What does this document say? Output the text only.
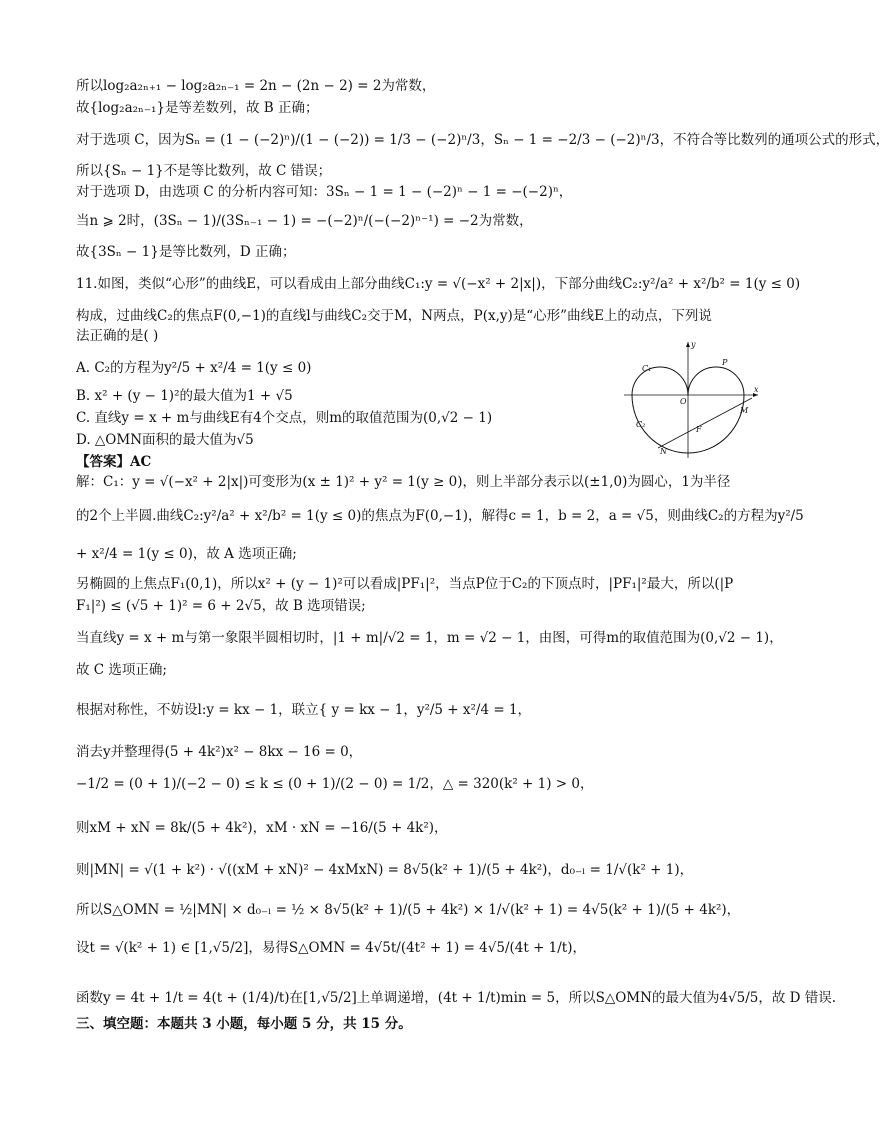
所以log₂a₂ₙ₊₁ − log₂a₂ₙ₋₁ = 2n − (2n − 2) = 2为常数，
故{log₂a₂ₙ₋₁}是等差数列，故 B 正确；
对于选项 C，因为Sₙ = (1 − (−2)ⁿ)/(1 − (−2)) = 1/3 − (−2)ⁿ/3，Sₙ − 1 = −2/3 − (−2)ⁿ/3，不符合等比数列的通项公式的形式，
所以{Sₙ − 1}不是等比数列，故 C 错误；
对于选项 D，由选项 C 的分析内容可知：3Sₙ − 1 = 1 − (−2)ⁿ − 1 = −(−2)ⁿ，
当n ⩾ 2时，(3Sₙ − 1)/(3Sₙ₋₁ − 1) = −(−2)ⁿ/(−(−2)ⁿ⁻¹) = −2为常数，
故{3Sₙ − 1}是等比数列，D 正确；
11.如图，类似“心形”的曲线E，可以看成由上部分曲线C₁:y = √(−x² + 2|x|)，下部分曲线C₂:y²/a² + x²/b² = 1(y ≤ 0)
构成，过曲线C₂的焦点F(0,−1)的直线l与曲线C₂交于M，N两点，P(x,y)是“心形”曲线E上的动点，下列说
法正确的是( )
A. C₂的方程为y²/5 + x²/4 = 1(y ≤ 0)
B. x² + (y − 1)²的最大值为1 + √5
C. 直线y = x + m与曲线E有4个交点，则m的取值范围为(0,√2 − 1)
D. △OMN面积的最大值为√5
【答案】AC
解：C₁：y = √(−x² + 2|x|)可变形为(x ± 1)² + y² = 1(y ≥ 0)，则上半部分表示以(±1,0)为圆心，1为半径
的2个上半圆.曲线C₂:y²/a² + x²/b² = 1(y ≤ 0)的焦点为F(0,−1)，解得c = 1，b = 2，a = √5，则曲线C₂的方程为y²/5
+ x²/4 = 1(y ≤ 0)，故 A 选项正确;
另椭圆的上焦点F₁(0,1)，所以x² + (y − 1)²可以看成|PF₁|²，当点P位于C₂的下顶点时，|PF₁|²最大，所以(|P
F₁|²) ≤ (√5 + 1)² = 6 + 2√5，故 B 选项错误;
当直线y = x + m与第一象限半圆相切时，|1 + m|/√2 = 1，m = √2 − 1，由图，可得m的取值范围为(0,√2 − 1)，
故 C 选项正确;
根据对称性，不妨设l:y = kx − 1，联立{ y = kx − 1，y²/5 + x²/4 = 1，
消去y并整理得(5 + 4k²)x² − 8kx − 16 = 0，
−1/2 = (0 + 1)/(−2 − 0) ≤ k ≤ (0 + 1)/(2 − 0) = 1/2，△ = 320(k² + 1) > 0，
则xM + xN = 8k/(5 + 4k²)，xM · xN = −16/(5 + 4k²)，
则|MN| = √(1 + k²) · √((xM + xN)² − 4xMxN) = 8√5(k² + 1)/(5 + 4k²)，d₀₋ₗ = 1/√(k² + 1)，
所以S△OMN = ½|MN| × d₀₋ₗ = ½ × 8√5(k² + 1)/(5 + 4k²) × 1/√(k² + 1) = 4√5(k² + 1)/(5 + 4k²)，
设t = √(k² + 1) ∈ [1,√5/2]，易得S△OMN = 4√5t/(4t² + 1) = 4√5/(4t + 1/t)，
函数y = 4t + 1/t = 4(t + (1/4)/t)在[1,√5/2]上单调递增，(4t + 1/t)min = 5，所以S△OMN的最大值为4√5/5，故 D 错误.
三、填空题：本题共 3 小题，每小题 5 分，共 15 分。
y
x
O
C₁
C₂
P
M
N
F
